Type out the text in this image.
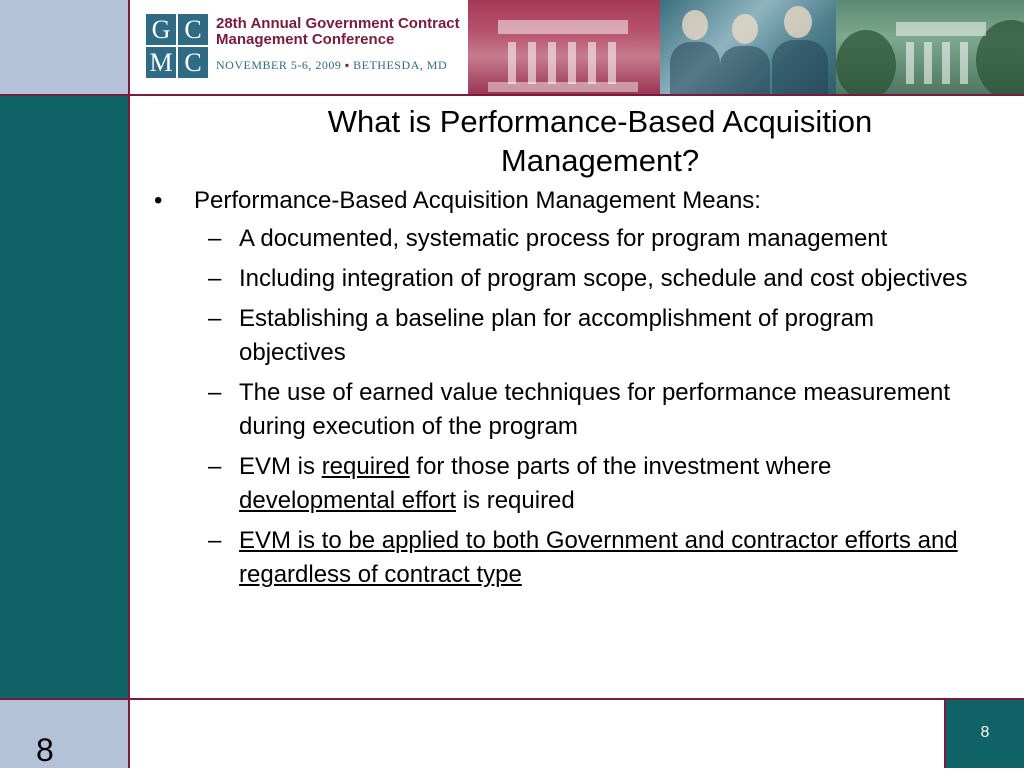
G C
M C
28th Annual Government Contract
Management Conference
NOVEMBER 5-6, 2009 ▪ BETHESDA, MD
What is Performance-Based Acquisition
Management?
• Performance-Based Acquisition Management Means:
– A documented, systematic process for program management
– Including integration of program scope, schedule and cost objectives
– Establishing a baseline plan for accomplishment of program objectives
– The use of earned value techniques for performance measurement during execution of the program
– EVM is required for those parts of the investment where developmental effort is required
– EVM is to be applied to both Government and contractor efforts and regardless of contract type
8	8
